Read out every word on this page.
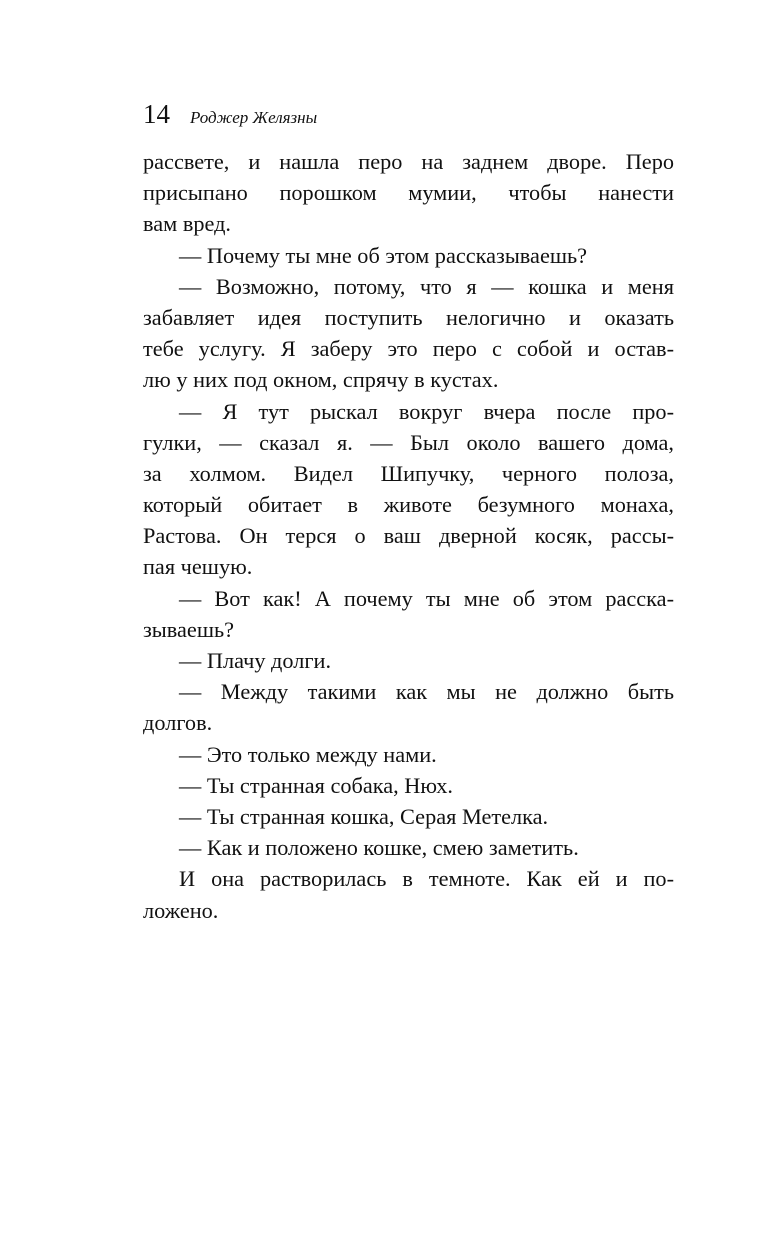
14 Роджер Желязны
рассвете, и нашла перо на заднем дворе. Перо
присыпано порошком мумии, чтобы нанести
вам вред.
— Почему ты мне об этом рассказываешь?
— Возможно, потому, что я — кошка и меня
забавляет идея поступить нелогично и оказать
тебе услугу. Я заберу это перо с собой и остав-
лю у них под окном, спрячу в кустах.
— Я тут рыскал вокруг вчера после про-
гулки, — сказал я. — Был около вашего дома,
за холмом. Видел Шипучку, черного полоза,
который обитает в животе безумного монаха,
Растова. Он терся о ваш дверной косяк, рассы-
пая чешую.
— Вот как! А почему ты мне об этом расска-
зываешь?
— Плачу долги.
— Между такими как мы не должно быть
долгов.
— Это только между нами.
— Ты странная собака, Нюх.
— Ты странная кошка, Серая Метелка.
— Как и положено кошке, смею заметить.
И она растворилась в темноте. Как ей и по-
ложено.
